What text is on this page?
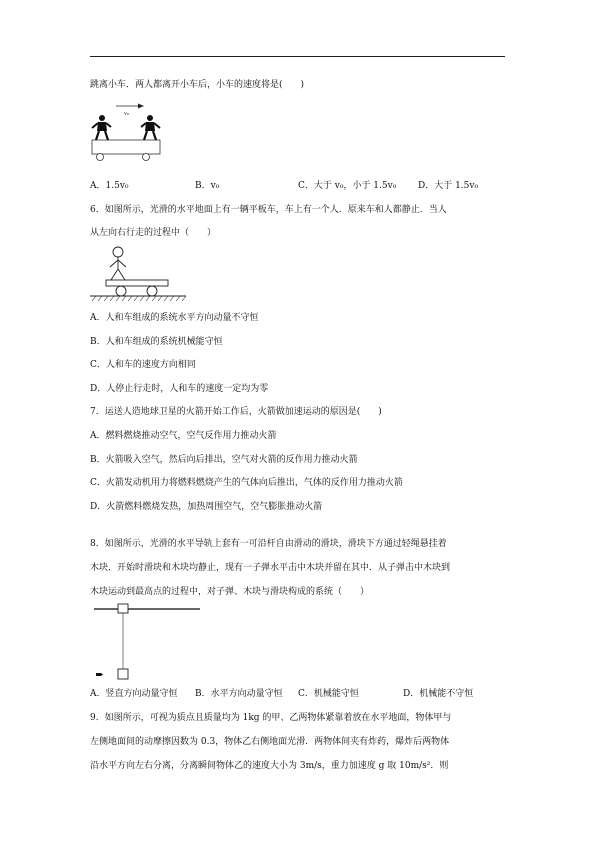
跳离小车．两人都离开小车后，小车的速度将是(　　)
v₀
A．1.5v₀	B．v₀	C．大于 v₀，小于 1.5v₀ D．大于 1.5v₀
6．如图所示，光滑的水平地面上有一辆平板车，车上有一个人．原来车和人都静止．当人
从左向右行走的过程中（　　）
A．人和车组成的系统水平方向动量不守恒
B．人和车组成的系统机械能守恒
C．人和车的速度方向相同
D．人停止行走时，人和车的速度一定均为零
7．运送人造地球卫星的火箭开始工作后，火箭做加速运动的原因是(　　)
A．燃料燃烧推动空气，空气反作用力推动火箭
B．火箭吸入空气，然后向后排出，空气对火箭的反作用力推动火箭
C．火箭发动机用力将燃料燃烧产生的气体向后推出，气体的反作用力推动火箭
D．火箭燃料燃烧发热，加热周围空气，空气膨胀推动火箭
8．如图所示，光滑的水平导轨上套有一可沿杆自由滑动的滑块，滑块下方通过轻绳悬挂着
木块．开始时滑块和木块均静止，现有一子弹水平击中木块并留在其中．从子弹击中木块到
木块运动到最高点的过程中，对子弹、木块与滑块构成的系统（　　）
A．竖直方向动量守恒 B．水平方向动量守恒 C．机械能守恒	D．机械能不守恒
9．如图所示，可视为质点且质量均为 1kg 的甲、乙两物体紧靠着放在水平地面，物体甲与
左侧地面间的动摩擦因数为 0.3，物体乙右侧地面光滑．两物体间夹有炸药，爆炸后两物体
沿水平方向左右分离，分离瞬间物体乙的速度大小为 3m/s，重力加速度 g 取 10m/s²．则
